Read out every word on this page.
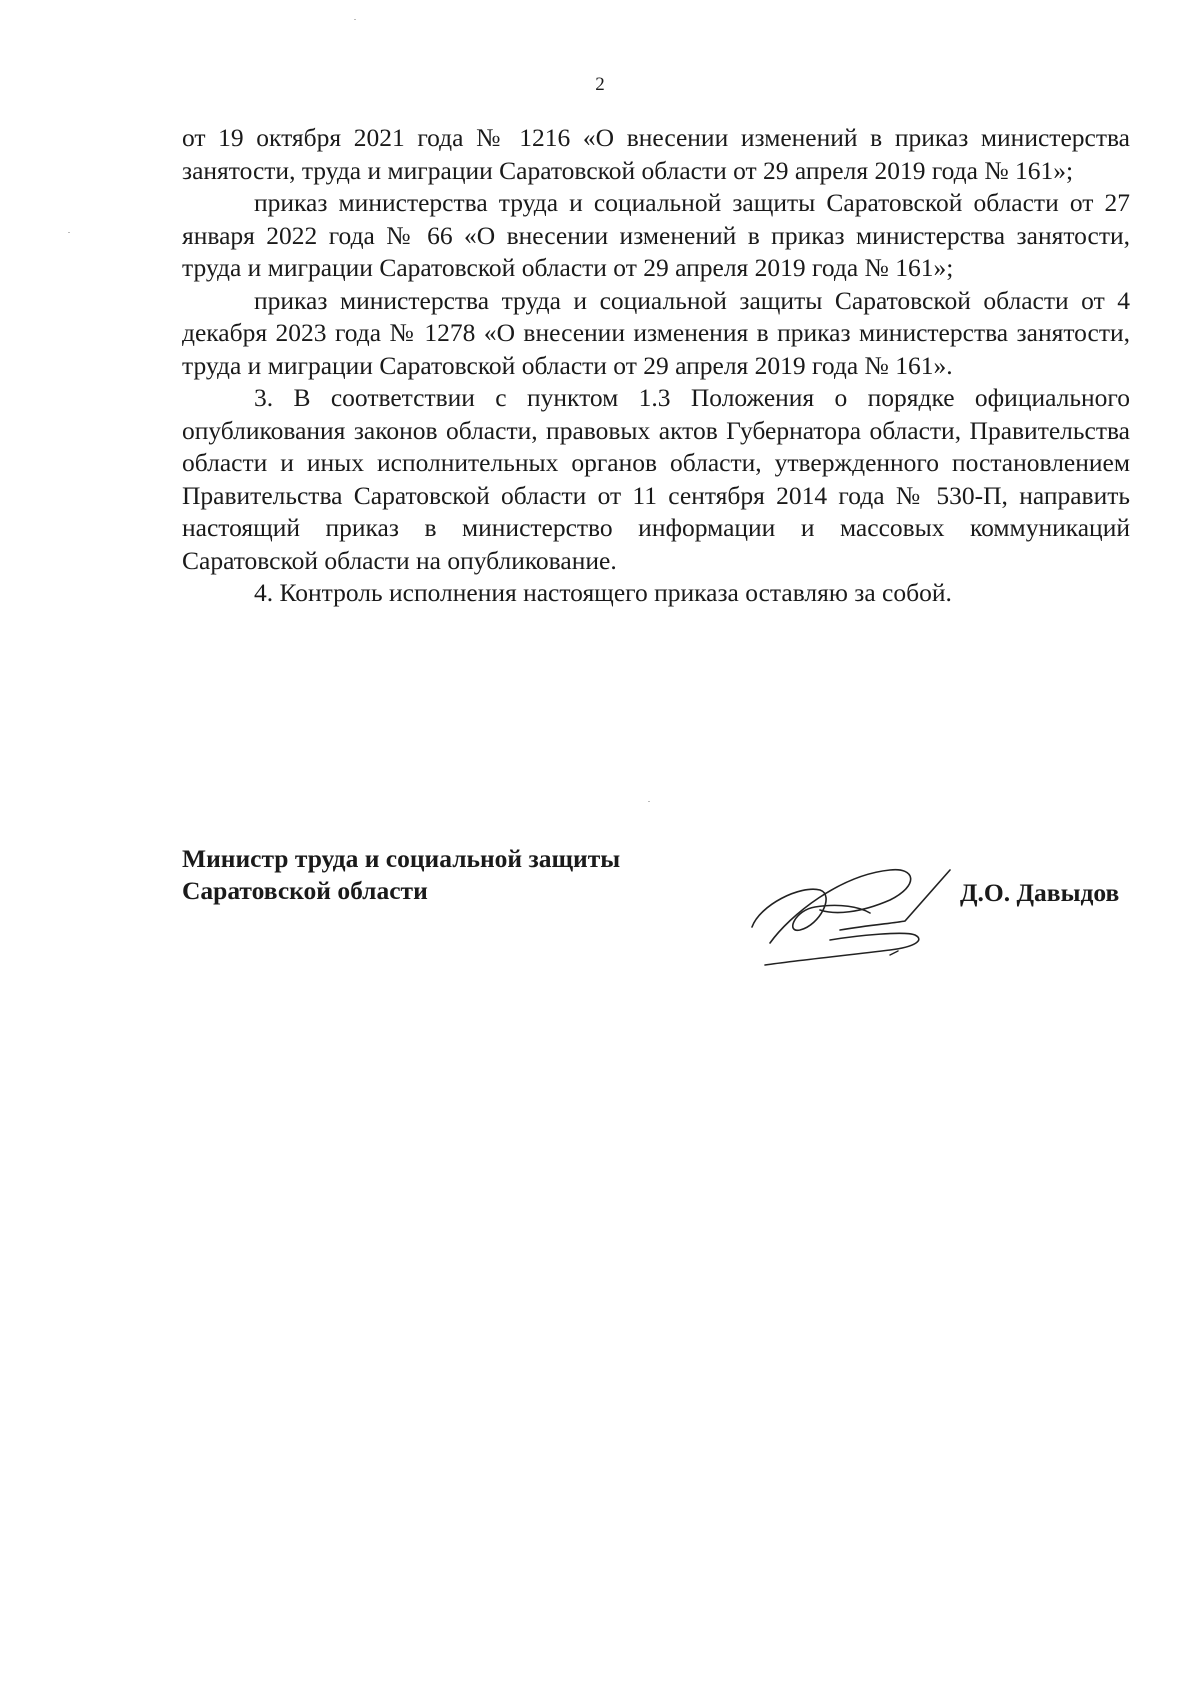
2

от 19 октября 2021 года № 1216 «О внесении изменений в приказ министерства занятости, труда и миграции Саратовской области от 29 апреля 2019 года № 161»;

приказ министерства труда и социальной защиты Саратовской области от 27 января 2022 года № 66 «О внесении изменений в приказ министерства занятости, труда и миграции Саратовской области от 29 апреля 2019 года № 161»;

приказ министерства труда и социальной защиты Саратовской области от 4 декабря 2023 года № 1278 «О внесении изменения в приказ министерства занятости, труда и миграции Саратовской области от 29 апреля 2019 года № 161».

3. В соответствии с пунктом 1.3 Положения о порядке официального опубликования законов области, правовых актов Губернатора области, Правительства области и иных исполнительных органов области, утвержденного постановлением Правительства Саратовской области от 11 сентября 2014 года № 530-П, направить настоящий приказ в министерство информации и массовых коммуникаций Саратовской области на опубликование.

4. Контроль исполнения настоящего приказа оставляю за собой.

Министр труда и социальной защиты
Саратовской области	Д.О. Давыдов
